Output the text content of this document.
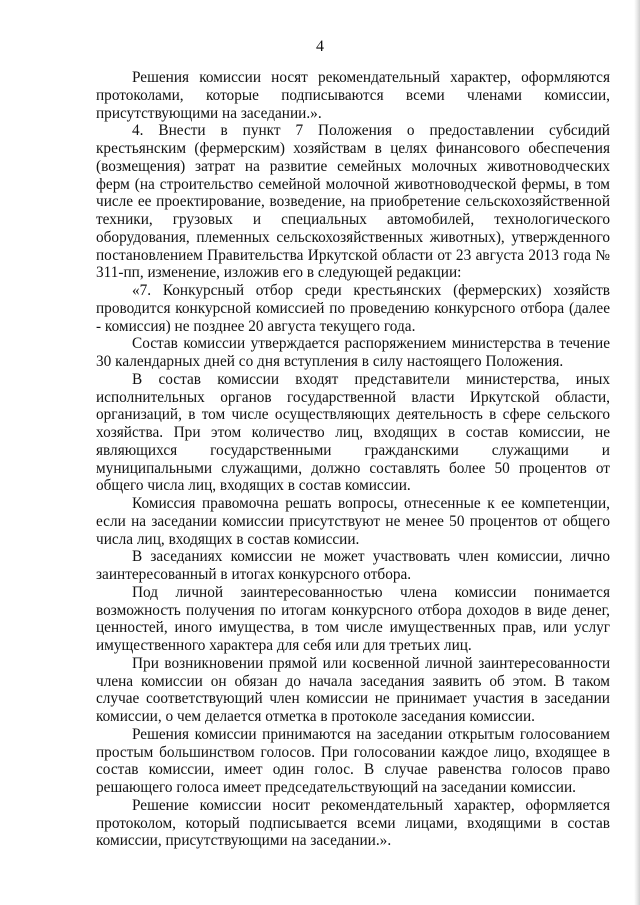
4

Решения комиссии носят рекомендательный характер, оформляются протоколами, которые подписываются всеми членами комиссии, присутствующими на заседании.».

4. Внести в пункт 7 Положения о предоставлении субсидий крестьянским (фермерским) хозяйствам в целях финансового обеспечения (возмещения) затрат на развитие семейных молочных животноводческих ферм (на строительство семейной молочной животноводческой фермы, в том числе ее проектирование, возведение, на приобретение сельскохозяйственной техники, грузовых и специальных автомобилей, технологического оборудования, племенных сельскохозяйственных животных), утвержденного постановлением Правительства Иркутской области от 23 августа 2013 года № 311-пп, изменение, изложив его в следующей редакции:

«7. Конкурсный отбор среди крестьянских (фермерских) хозяйств проводится конкурсной комиссией по проведению конкурсного отбора (далее - комиссия) не позднее 20 августа текущего года.

Состав комиссии утверждается распоряжением министерства в течение 30 календарных дней со дня вступления в силу настоящего Положения.

В состав комиссии входят представители министерства, иных исполнительных органов государственной власти Иркутской области, организаций, в том числе осуществляющих деятельность в сфере сельского хозяйства. При этом количество лиц, входящих в состав комиссии, не являющихся государственными гражданскими служащими и муниципальными служащими, должно составлять более 50 процентов от общего числа лиц, входящих в состав комиссии.

Комиссия правомочна решать вопросы, отнесенные к ее компетенции, если на заседании комиссии присутствуют не менее 50 процентов от общего числа лиц, входящих в состав комиссии.

В заседаниях комиссии не может участвовать член комиссии, лично заинтересованный в итогах конкурсного отбора.

Под личной заинтересованностью члена комиссии понимается возможность получения по итогам конкурсного отбора доходов в виде денег, ценностей, иного имущества, в том числе имущественных прав, или услуг имущественного характера для себя или для третьих лиц.

При возникновении прямой или косвенной личной заинтересованности члена комиссии он обязан до начала заседания заявить об этом. В таком случае соответствующий член комиссии не принимает участия в заседании комиссии, о чем делается отметка в протоколе заседания комиссии.

Решения комиссии принимаются на заседании открытым голосованием простым большинством голосов. При голосовании каждое лицо, входящее в состав комиссии, имеет один голос. В случае равенства голосов право решающего голоса имеет председательствующий на заседании комиссии.

Решение комиссии носит рекомендательный характер, оформляется протоколом, который подписывается всеми лицами, входящими в состав комиссии, присутствующими на заседании.».
